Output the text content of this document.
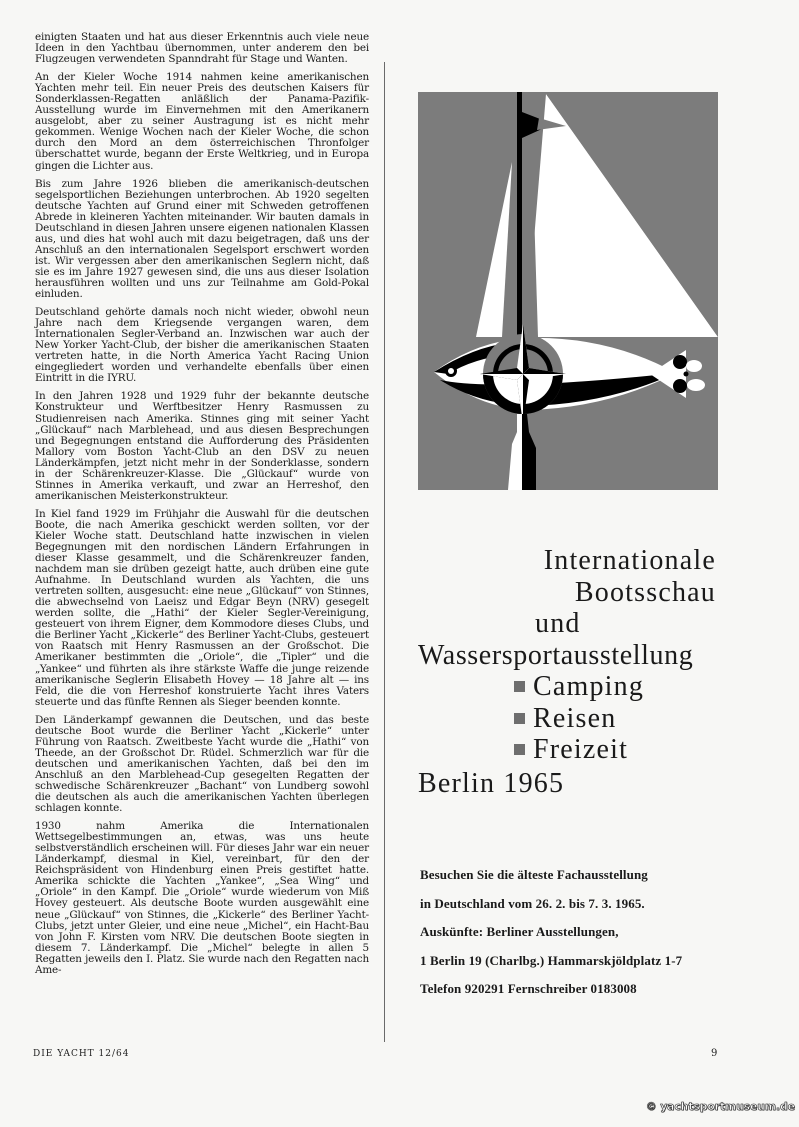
einigten Staaten und hat aus dieser Erkenntnis auch viele neue Ideen in den Yachtbau übernommen, unter anderem den bei Flugzeugen verwendeten Spanndraht für Stage und Wanten.

An der Kieler Woche 1914 nahmen keine amerikanischen Yachten mehr teil. Ein neuer Preis des deutschen Kaisers für Sonderklassen-Regatten anläßlich der Panama-Pazifik-Ausstellung wurde im Einvernehmen mit den Amerikanern ausgelobt, aber zu seiner Austragung ist es nicht mehr gekommen. Wenige Wochen nach der Kieler Woche, die schon durch den Mord an dem österreichischen Thronfolger überschattet wurde, begann der Erste Weltkrieg, und in Europa gingen die Lichter aus.

Bis zum Jahre 1926 blieben die amerikanisch-deutschen segelsportlichen Beziehungen unterbrochen. Ab 1920 segelten deutsche Yachten auf Grund einer mit Schweden getroffenen Abrede in kleineren Yachten miteinander. Wir bauten damals in Deutschland in diesen Jahren unsere eigenen nationalen Klassen aus, und dies hat wohl auch mit dazu beigetragen, daß uns der Anschluß an den internationalen Segelsport erschwert worden ist. Wir vergessen aber den amerikanischen Seglern nicht, daß sie es im Jahre 1927 gewesen sind, die uns aus dieser Isolation herausführen wollten und uns zur Teilnahme am Gold-Pokal einluden.

Deutschland gehörte damals noch nicht wieder, obwohl neun Jahre nach dem Kriegsende vergangen waren, dem Internationalen Segler-Verband an. Inzwischen war auch der New Yorker Yacht-Club, der bisher die amerikanischen Staaten vertreten hatte, in die North America Yacht Racing Union eingegliedert worden und verhandelte ebenfalls über einen Eintritt in die IYRU.

In den Jahren 1928 und 1929 fuhr der bekannte deutsche Konstrukteur und Werftbesitzer Henry Rasmussen zu Studienreisen nach Amerika. Stinnes ging mit seiner Yacht „Glückauf“ nach Marblehead, und aus diesen Besprechungen und Begegnungen entstand die Aufforderung des Präsidenten Mallory vom Boston Yacht-Club an den DSV zu neuen Länderkämpfen, jetzt nicht mehr in der Sonderklasse, sondern in der Schärenkreuzer-Klasse. Die „Glückauf“ wurde von Stinnes in Amerika verkauft, und zwar an Herreshof, den amerikanischen Meisterkonstrukteur.

In Kiel fand 1929 im Frühjahr die Auswahl für die deutschen Boote, die nach Amerika geschickt werden sollten, vor der Kieler Woche statt. Deutschland hatte inzwischen in vielen Begegnungen mit den nordischen Ländern Erfahrungen in dieser Klasse gesammelt, und die Schärenkreuzer fanden, nachdem man sie drüben gezeigt hatte, auch drüben eine gute Aufnahme. In Deutschland wurden als Yachten, die uns vertreten sollten, ausgesucht: eine neue „Glückauf“ von Stinnes, die abwechselnd von Laeisz und Edgar Beyn (NRV) gesegelt werden sollte, die „Hathi“ der Kieler Segler-Vereinigung, gesteuert von ihrem Eigner, dem Kommodore dieses Clubs, und die Berliner Yacht „Kickerle“ des Berliner Yacht-Clubs, gesteuert von Raatsch mit Henry Rasmussen an der Großschot. Die Amerikaner bestimmten die „Oriole“, die „Tipler“ und die „Yankee“ und führten als ihre stärkste Waffe die junge reizende amerikanische Seglerin Elisabeth Hovey — 18 Jahre alt — ins Feld, die die von Herreshof konstruierte Yacht ihres Vaters steuerte und das fünfte Rennen als Sieger beenden konnte.

Den Länderkampf gewannen die Deutschen, und das beste deutsche Boot wurde die Berliner Yacht „Kickerle“ unter Führung von Raatsch. Zweitbeste Yacht wurde die „Hathi“ von Theede, an der Großschot Dr. Rüdel. Schmerzlich war für die deutschen und amerikanischen Yachten, daß bei den im Anschluß an den Marblehead-Cup gesegelten Regatten der schwedische Schärenkreuzer „Bachant“ von Lundberg sowohl die deutschen als auch die amerikanischen Yachten überlegen schlagen konnte.

1930 nahm Amerika die Internationalen Wettsegelbestimmungen an, etwas, was uns heute selbstverständlich erscheinen will. Für dieses Jahr war ein neuer Länderkampf, diesmal in Kiel, vereinbart, für den der Reichspräsident von Hindenburg einen Preis gestiftet hatte. Amerika schickte die Yachten „Yankee“, „Sea Wing“ und „Oriole“ in den Kampf. Die „Oriole“ wurde wiederum von Miß Hovey gesteuert. Als deutsche Boote wurden ausgewählt eine neue „Glückauf“ von Stinnes, die „Kickerle“ des Berliner Yacht-Clubs, jetzt unter Gleier, und eine neue „Michel“, ein Hacht-Bau von John F. Kirsten vom NRV. Die deutschen Boote siegten in diesem 7. Länderkampf. Die „Michel“ belegte in allen 5 Regatten jeweils den I. Platz. Sie wurde nach den Regatten nach Ame-

DIE YACHT 12/64	9
© yachtsportmuseum.de
Internationale
Bootsschau
und
Wassersportausstellung
Camping
Reisen
Freizeit
Berlin 1965
Besuchen Sie die älteste Fachausstellung
in Deutschland vom 26. 2. bis 7. 3. 1965.
Auskünfte: Berliner Ausstellungen,
1 Berlin 19 (Charlbg.) Hammarskjöldplatz 1-7
Telefon 920291 Fernschreiber 0183008
